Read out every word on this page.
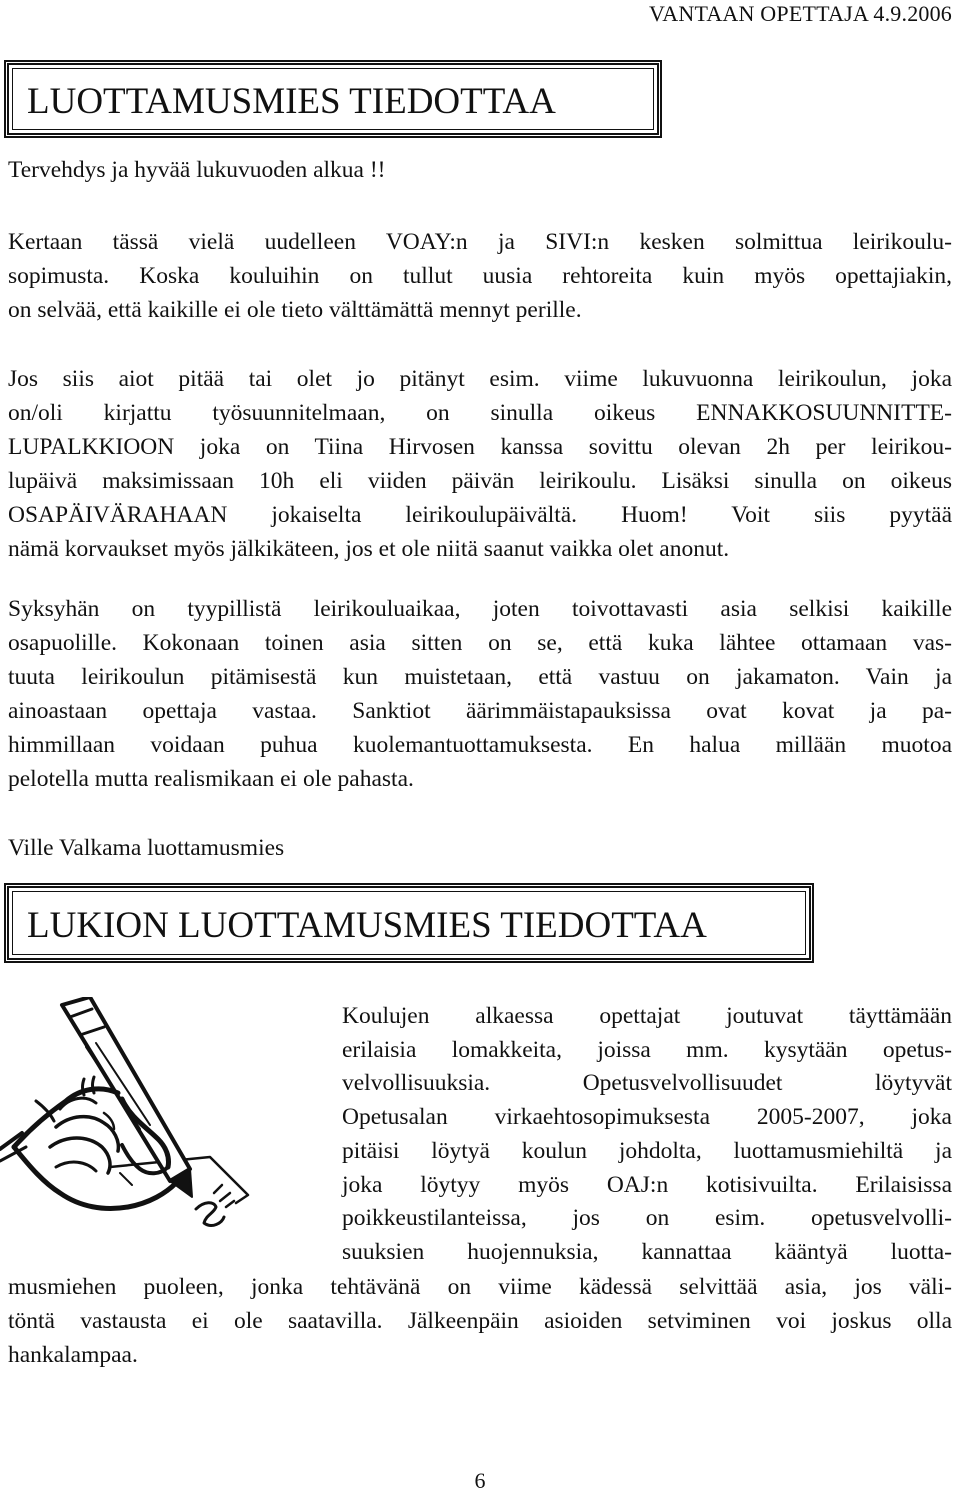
VANTAAN OPETTAJA 4.9.2006
LUOTTAMUSMIES TIEDOTTAA
Tervehdys ja hyvää lukuvuoden alkua !!
Kertaan tässä vielä uudelleen VOAY:n ja SIVI:n kesken solmittua leirikoulu-
sopimusta. Koska kouluihin on tullut uusia rehtoreita kuin myös opettajiakin,
on selvää, että kaikille ei ole tieto välttämättä mennyt perille.
Jos siis aiot pitää tai olet jo pitänyt esim. viime lukuvuonna leirikoulun, joka
on/oli kirjattu työsuunnitelmaan, on sinulla oikeus ENNAKKOSUUNNITTE-
LUPALKKIOON joka on Tiina Hirvosen kanssa sovittu olevan 2h per leirikou-
lupäivä maksimissaan 10h eli viiden päivän leirikoulu. Lisäksi sinulla on oikeus
OSAPÄIVÄRAHAAN jokaiselta leirikoulupäivältä. Huom! Voit siis pyytää
nämä korvaukset myös jälkikäteen, jos et ole niitä saanut vaikka olet anonut.
Syksyhän on tyypillistä leirikouluaikaa, joten toivottavasti asia selkisi kaikille
osapuolille. Kokonaan toinen asia sitten on se, että kuka lähtee ottamaan vas-
tuuta leirikoulun pitämisestä kun muistetaan, että vastuu on jakamaton. Vain ja
ainoastaan opettaja vastaa. Sanktiot äärimmäistapauksissa ovat kovat ja pa-
himmillaan voidaan puhua kuolemantuottamuksesta. En halua millään muotoa
pelotella mutta realismikaan ei ole pahasta.
Ville Valkama luottamusmies
LUKION LUOTTAMUSMIES TIEDOTTAA
Koulujen alkaessa opettajat joutuvat täyttämään
erilaisia lomakkeita, joissa mm. kysytään opetus-
velvollisuuksia. Opetusvelvollisuudet löytyvät
Opetusalan virkaehtosopimuksesta 2005-2007, joka
pitäisi löytyä koulun johdolta, luottamusmiehiltä ja
joka löytyy myös OAJ:n kotisivuilta. Erilaisissa
poikkeustilanteissa, jos on esim. opetusvelvolli-
suuksien huojennuksia, kannattaa kääntyä luotta-
musmiehen puoleen, jonka tehtävänä on viime kädessä selvittää asia, jos väli-
töntä vastausta ei ole saatavilla. Jälkeenpäin asioiden setviminen voi joskus olla
hankalampaa.
6
